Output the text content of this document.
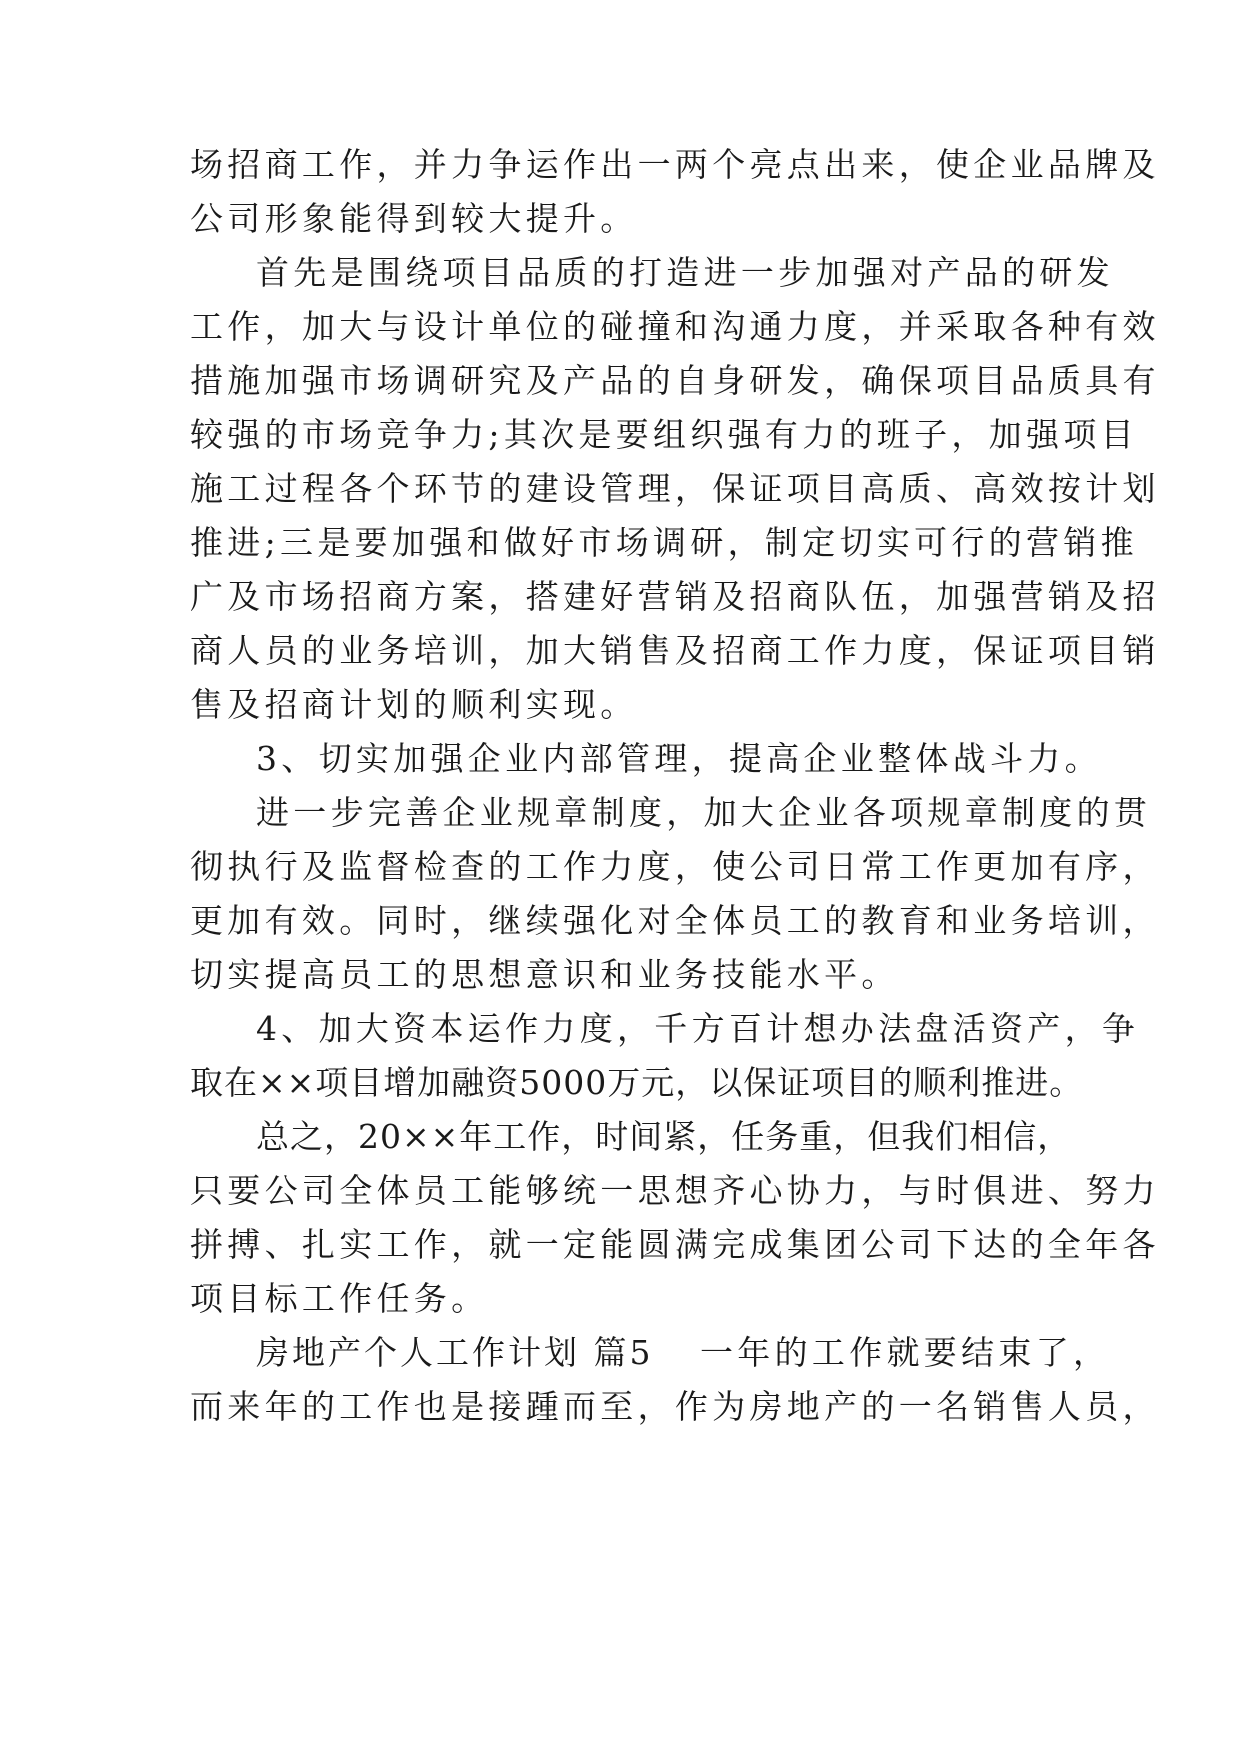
场招商工作，并力争运作出一两个亮点出来，使企业品牌及
公司形象能得到较大提升。
首先是围绕项目品质的打造进一步加强对产品的研发
工作，加大与设计单位的碰撞和沟通力度，并采取各种有效
措施加强市场调研究及产品的自身研发，确保项目品质具有
较强的市场竞争力;其次是要组织强有力的班子，加强项目
施工过程各个环节的建设管理，保证项目高质、高效按计划
推进;三是要加强和做好市场调研，制定切实可行的营销推
广及市场招商方案，搭建好营销及招商队伍，加强营销及招
商人员的业务培训，加大销售及招商工作力度，保证项目销
售及招商计划的顺利实现。
3、切实加强企业内部管理，提高企业整体战斗力。
进一步完善企业规章制度，加大企业各项规章制度的贯
彻执行及监督检查的工作力度，使公司日常工作更加有序，
更加有效。同时，继续强化对全体员工的教育和业务培训，
切实提高员工的思想意识和业务技能水平。
4、加大资本运作力度，千方百计想办法盘活资产，争
取在××项目增加融资5000万元，以保证项目的顺利推进。
总之，20××年工作，时间紧，任务重，但我们相信，
只要公司全体员工能够统一思想齐心协力，与时俱进、努力
拼搏、扎实工作，就一定能圆满完成集团公司下达的全年各
项目标工作任务。
房地产个人工作计划 篇5 一年的工作就要结束了，
而来年的工作也是接踵而至，作为房地产的一名销售人员，
